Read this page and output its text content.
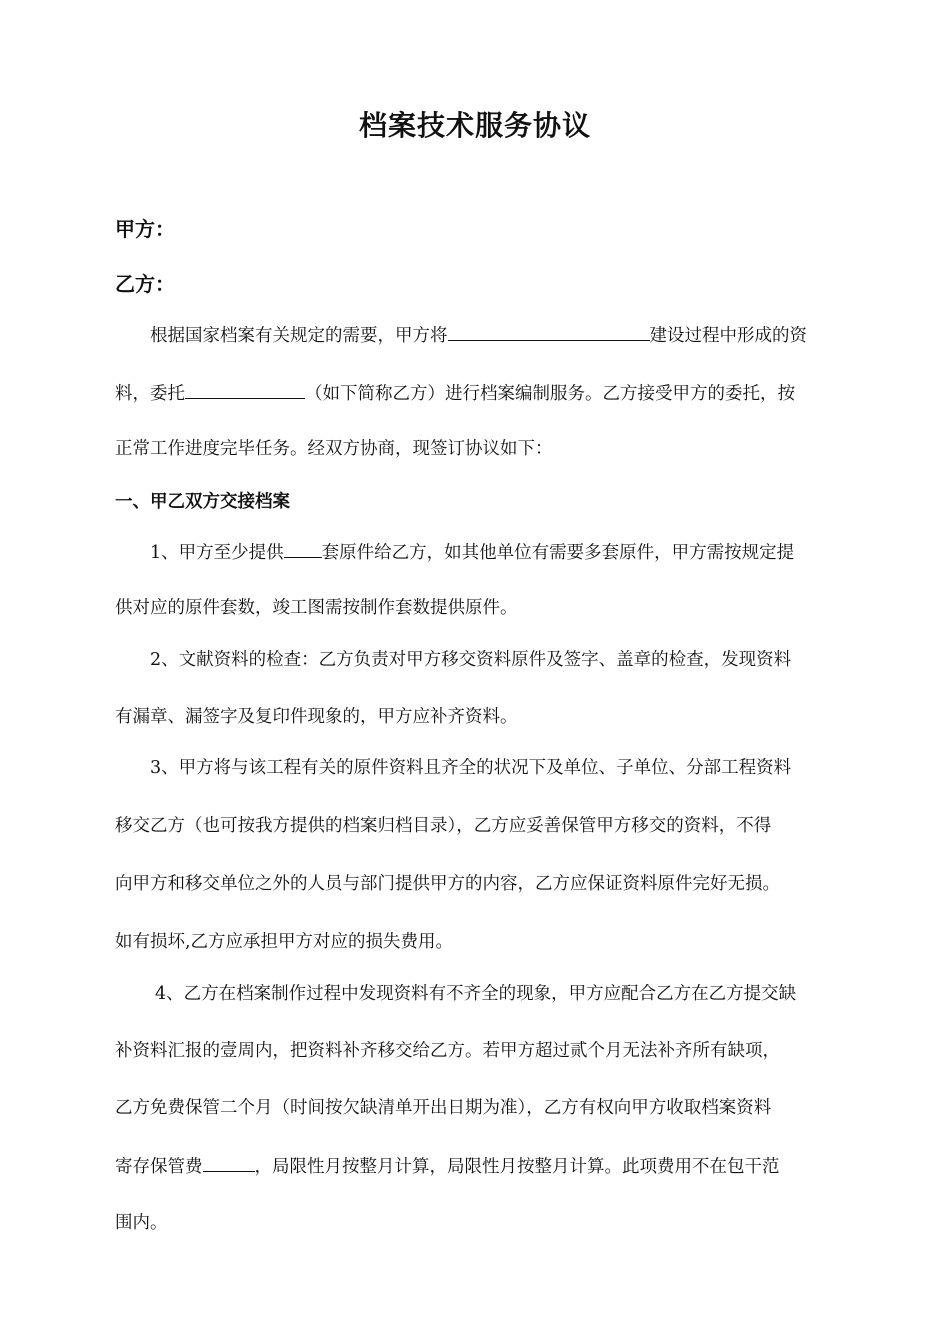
档案技术服务协议
甲方：
乙方：
根据国家档案有关规定的需要，甲方将	建设过程中形成的资
料，委托	（如下简称乙方）进行档案编制服务。乙方接受甲方的委托，按
正常工作进度完毕任务。经双方协商，现签订协议如下：
一、甲乙双方交接档案
1、甲方至少提供 套原件给乙方，如其他单位有需要多套原件，甲方需按规定提
供对应的原件套数，竣工图需按制作套数提供原件。
2、文献资料的检查：乙方负责对甲方移交资料原件及签字、盖章的检查，发现资料
有漏章、漏签字及复印件现象的，甲方应补齐资料。
3、甲方将与该工程有关的原件资料且齐全的状况下及单位、子单位、分部工程资料
移交乙方（也可按我方提供的档案归档目录），乙方应妥善保管甲方移交的资料，不得
向甲方和移交单位之外的人员与部门提供甲方的内容，乙方应保证资料原件完好无损。
如有损坏,乙方应承担甲方对应的损失费用。
4、乙方在档案制作过程中发现资料有不齐全的现象，甲方应配合乙方在乙方提交缺
补资料汇报的壹周内，把资料补齐移交给乙方。若甲方超过贰个月无法补齐所有缺项，
乙方免费保管二个月（时间按欠缺清单开出日期为准），乙方有权向甲方收取档案资料
寄存保管费	，局限性月按整月计算，局限性月按整月计算。此项费用不在包干范
围内。
